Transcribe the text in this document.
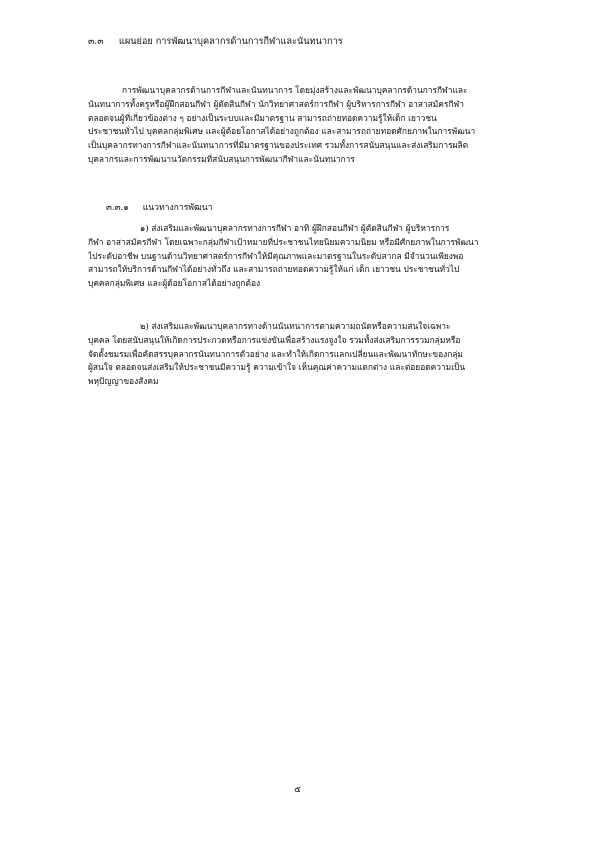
๓.๓ แผนย่อย การพัฒนาบุคลากรด้านการกีฬาและนันทนาการ
การพัฒนาบุคลากรด้านการกีฬาและนันทนาการ โดยมุ่งสร้างและพัฒนาบุคลากรด้านการกีฬาและ
นันทนาการทั้งครูหรือผู้ฝึกสอนกีฬา ผู้ตัดสินกีฬา นักวิทยาศาสตร์การกีฬา ผู้บริหารการกีฬา อาสาสมัครกีฬา
ตลอดจนผู้ที่เกี่ยวข้องต่าง ๆ อย่างเป็นระบบและมีมาตรฐาน สามารถถ่ายทอดความรู้ให้เด็ก เยาวชน
ประชาชนทั่วไป บุคคลกลุ่มพิเศษ และผู้ด้อยโอกาสได้อย่างถูกต้อง และสามารถถ่ายทอดศักยภาพในการพัฒนา
เป็นบุคลากรทางการกีฬาและนันทนาการที่มีมาตรฐานของประเทศ รวมทั้งการสนับสนุนและส่งเสริมการผลิต
บุคลากรและการพัฒนานวัตกรรมที่สนับสนุนการพัฒนากีฬาและนันทนาการ
๓.๓.๑ แนวทางการพัฒนา
๑) ส่งเสริมและพัฒนาบุคลากรทางการกีฬา อาทิ ผู้ฝึกสอนกีฬา ผู้ตัดสินกีฬา ผู้บริหารการ
กีฬา อาสาสมัครกีฬา โดยเฉพาะกลุ่มกีฬาเป้าหมายที่ประชาชนไทยนิยมความนิยม หรือมีศักยภาพในการพัฒนา
ไประดับอาชีพ บนฐานด้านวิทยาศาสตร์การกีฬาให้มีคุณภาพและมาตรฐานในระดับสากล มีจำนวนเพียงพอ
สามารถให้บริการด้านกีฬาได้อย่างทั่วถึง และสามารถถ่ายทอดความรู้ให้แก่ เด็ก เยาวชน ประชาชนทั่วไป
บุคคลกลุ่มพิเศษ และผู้ด้อยโอกาสได้อย่างถูกต้อง
๒) ส่งเสริมและพัฒนาบุคลากรทางด้านนันทนาการตามความถนัดหรือความสนใจเฉพาะ
บุคคล โดยสนับสนุนให้เกิดการประกวดหรือการแข่งขันเพื่อสร้างแรงจูงใจ รวมทั้งส่งเสริมการรวมกลุ่มหรือ
จัดตั้งชมรมเพื่อคัดสรรบุคลากรนันทนาการตัวอย่าง และทำให้เกิดการแลกเปลี่ยนและพัฒนาทักษะของกลุ่ม
ผู้สนใจ ตลอดจนส่งเสริมให้ประชาชนมีความรู้ ความเข้าใจ เห็นคุณค่าความแตกต่าง และต่อยอดความเป็น
พหุปัญญาของสังคม
๕
